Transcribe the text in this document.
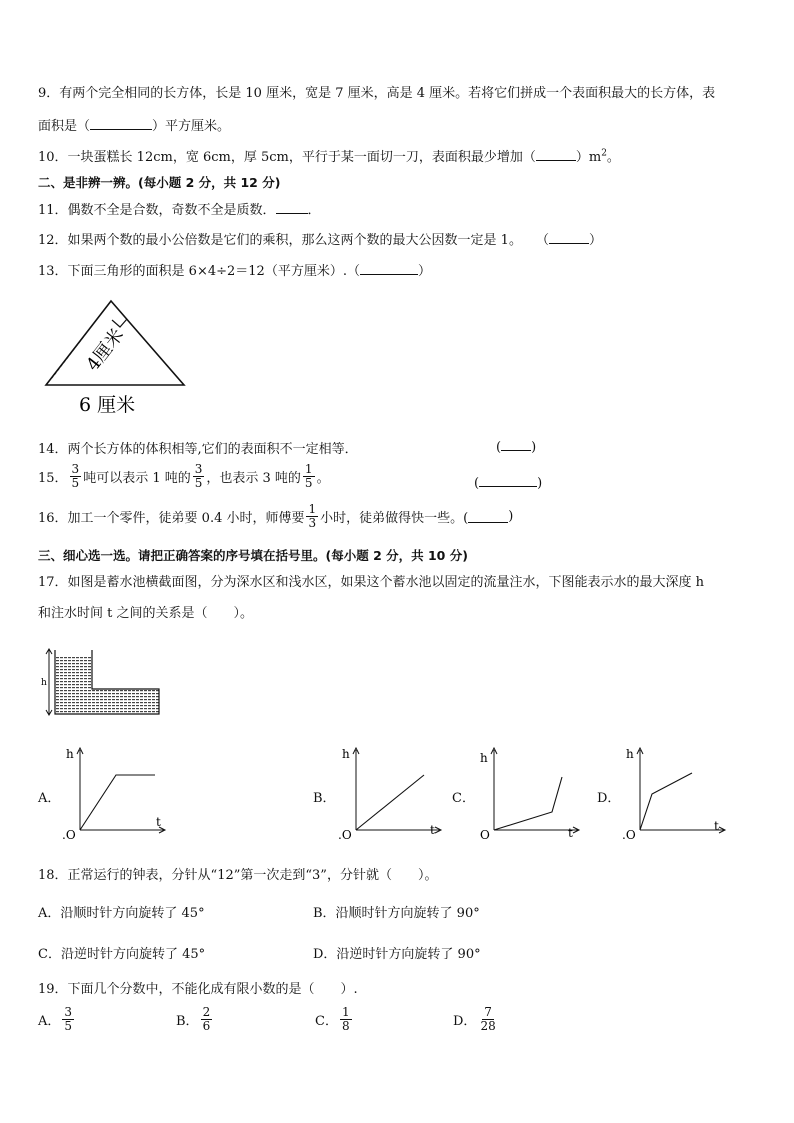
9．有两个完全相同的长方体，长是 10 厘米，宽是 7 厘米，高是 4 厘米。若将它们拼成一个表面积最大的长方体，表
面积是（	）平方厘米。
10．一块蛋糕长 12cm，宽 6cm，厚 5cm，平行于某一面切一刀，表面积最少增加（	）$m^2$。
二、是非辨一辨。(每小题 2 分，共 12 分)
11．偶数不全是合数，奇数不全是质数． ．
12．如果两个数的最小公倍数是它们的乘积，那么这两个数的最大公因数一定是 1。 （	）
13．下面三角形的面积是 6×4÷2＝12（平方厘米）.（	）
4厘米
6 厘米
14．两个长方体的体积相等,它们的表面积不一定相等．	( )
15． $\frac{3}{5}$ 吨可以表示 1 吨的 $\frac{3}{5}$ ，也表示 3 吨的 $\frac{1}{5}$ 。	(	)
16．加工一个零件，徒弟要 0.4 小时，师傅要 $\frac{1}{3}$ 小时，徒弟做得快一些。(	)
三、细心选一选。请把正确答案的序号填在括号里。(每小题 2 分，共 10 分)
17．如图是蓄水池横截面图，分为深水区和浅水区，如果这个蓄水池以固定的流量注水，下图能表示水的最大深度 h
和注水时间 t 之间的关系是（　　）。
h
A．
h
t
.O
B．
h
t
.O
C．
h
t
O
D．
h
t
.O
18．正常运行的钟表，分针从“12”第一次走到“3”，分针就（　　）。
A．沿顺时针方向旋转了 45°	B．沿顺时针方向旋转了 90°
C．沿逆时针方向旋转了 45°	D．沿逆时针方向旋转了 90°
19．下面几个分数中，不能化成有限小数的是（　　）.
A． $\frac{3}{5}$	B． $\frac{2}{6}$	C． $\frac{1}{8}$	D． $\frac{7}{28}$
